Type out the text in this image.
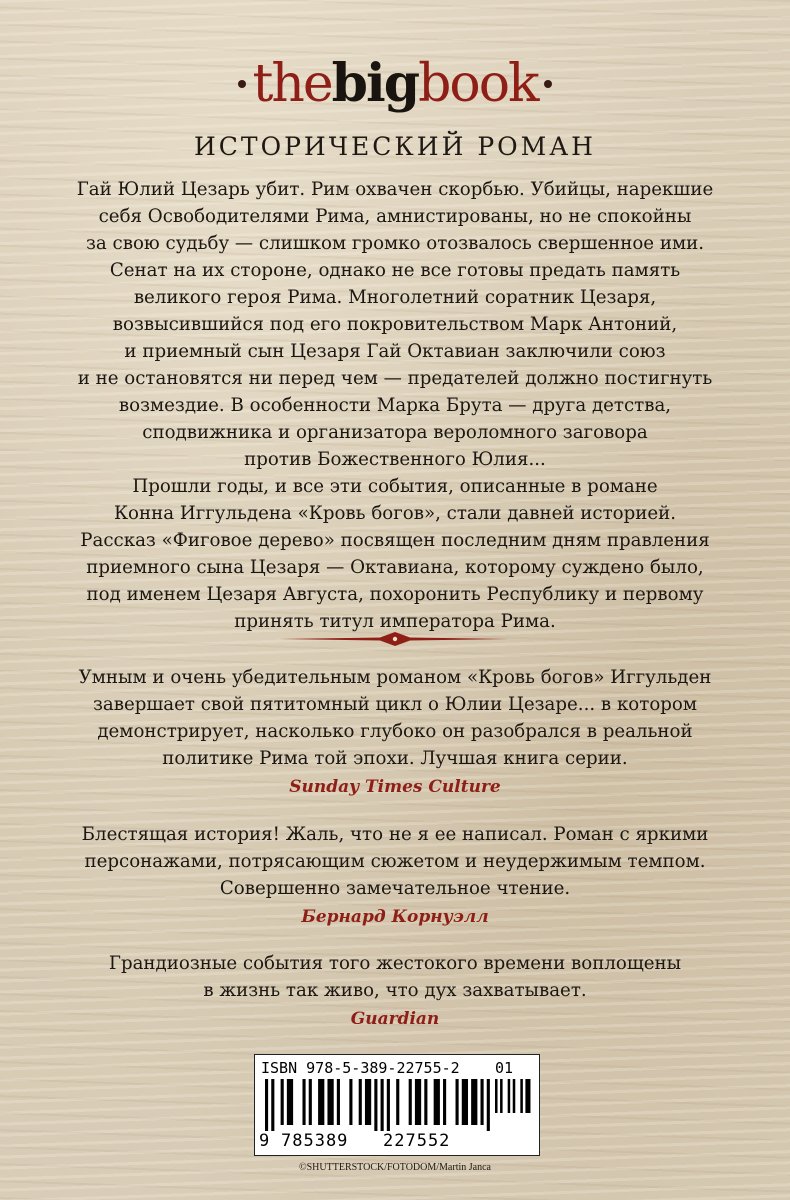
thebigbook
ИСТОРИЧЕСКИЙ РОМАН

Гай Юлий Цезарь убит. Рим охвачен скорбью. Убийцы, нарекшие

себя Освободителями Рима, амнистированы, но не спокойны

за свою судьбу — слишком громко отозвалось свершенное ими.

Сенат на их стороне, однако не все готовы предать память

великого героя Рима. Многолетний соратник Цезаря,

возвысившийся под его покровительством Марк Антоний,

и приемный сын Цезаря Гай Октавиан заключили союз

и не остановятся ни перед чем — предателей должно постигнуть

возмездие. В особенности Марка Брута — друга детства,

сподвижника и организатора вероломного заговора

против Божественного Юлия...

Прошли годы, и все эти события, описанные в романе

Конна Иггульдена «Кровь богов», стали давней историей.

Рассказ «Фиговое дерево» посвящен последним дням правления

приемного сына Цезаря — Октавиана, которому суждено было,

под именем Цезаря Августа, похоронить Республику и первому

принять титул императора Рима.

Умным и очень убедительным романом «Кровь богов» Иггульден

завершает свой пятитомный цикл о Юлии Цезаре... в котором

демонстрирует, насколько глубоко он разобрался в реальной

политике Рима той эпохи. Лучшая книга серии.

Sunday Times Culture

Блестящая история! Жаль, что не я ее написал. Роман с яркими

персонажами, потрясающим сюжетом и неудержимым темпом.

Совершенно замечательное чтение.

Бернард Корнуэлл

Грандиозные события того жестокого времени воплощены

в жизнь так живо, что дух захватывает.

Guardian

ISBN 978-5-389-22755-2 01
9 785389 227552
©SHUTTERSTOCK/FOTODOM/Martin Janca
